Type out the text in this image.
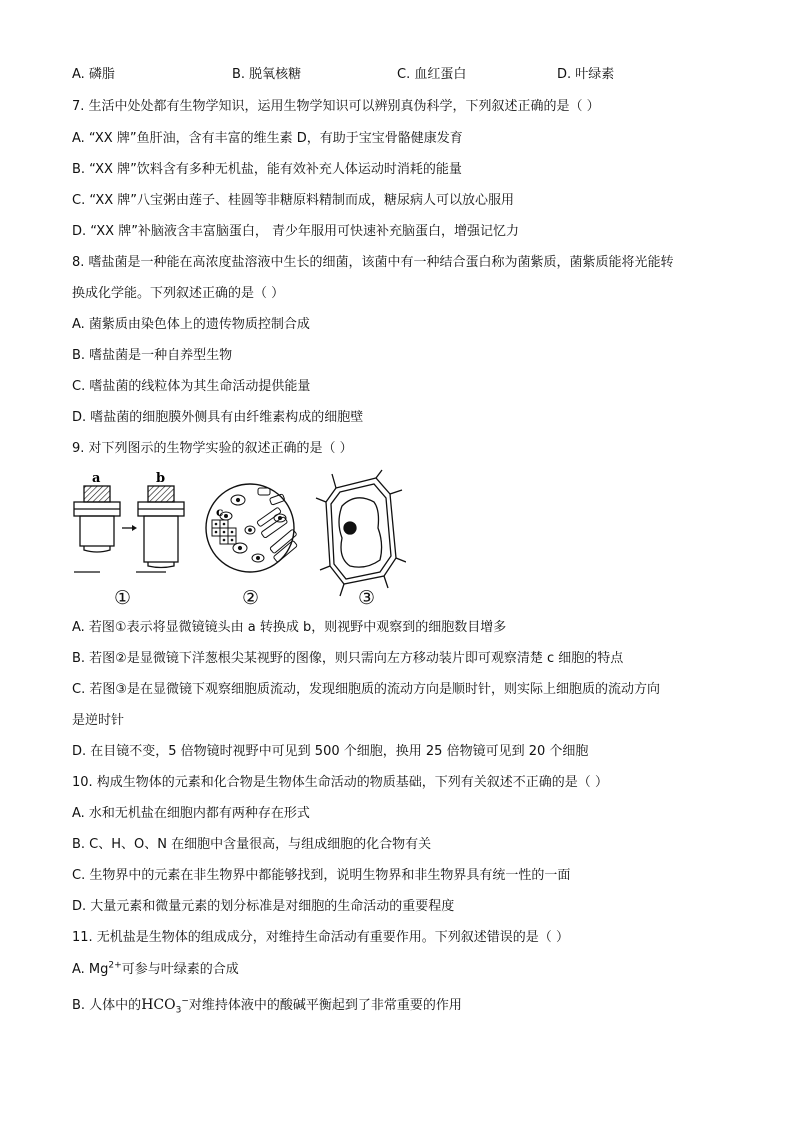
A. 磷脂	B. 脱氧核糖	C. 血红蛋白	D. 叶绿素
7. 生活中处处都有生物学知识，运用生物学知识可以辨别真伪科学，下列叙述正确的是（ ）
A. “XX 牌”鱼肝油，含有丰富的维生素 D，有助于宝宝骨骼健康发育
B. “XX 牌”饮料含有多种无机盐，能有效补充人体运动时消耗的能量
C. “XX 牌”八宝粥由莲子、桂圆等非糖原料精制而成，糖尿病人可以放心服用
D. “XX 牌”补脑液含丰富脑蛋白， 青少年服用可快速补充脑蛋白，增强记忆力
8. 嗜盐菌是一种能在高浓度盐溶液中生长的细菌，该菌中有一种结合蛋白称为菌紫质，菌紫质能将光能转
换成化学能。下列叙述正确的是（ ）
A. 菌紫质由染色体上的遗传物质控制合成
B. 嗜盐菌是一种自养型生物
C. 嗜盐菌的线粒体为其生命活动提供能量
D. 嗜盐菌的细胞膜外侧具有由纤维素构成的细胞壁
9. 对下列图示的生物学实验的叙述正确的是（ ）
a	b
c
①	②	③
A. 若图①表示将显微镜镜头由 a 转换成 b，则视野中观察到的细胞数目增多
B. 若图②是显微镜下洋葱根尖某视野的图像，则只需向左方移动装片即可观察清楚 c 细胞的特点
C. 若图③是在显微镜下观察细胞质流动，发现细胞质的流动方向是顺时针，则实际上细胞质的流动方向
是逆时针
D. 在目镜不变，5 倍物镜时视野中可见到 500 个细胞，换用 25 倍物镜可见到 20 个细胞
10. 构成生物体的元素和化合物是生物体生命活动的物质基础，下列有关叙述不正确的是（ ）
A. 水和无机盐在细胞内都有两种存在形式
B. C、H、O、N 在细胞中含量很高，与组成细胞的化合物有关
C. 生物界中的元素在非生物界中都能够找到，说明生物界和非生物界具有统一性的一面
D. 大量元素和微量元素的划分标准是对细胞的生命活动的重要程度
11. 无机盐是生物体的组成成分，对维持生命活动有重要作用。下列叙述错误的是（ ）
A. $Mg^{2+}$可参与叶绿素的合成
B. 人体中的$HCO_3^-$对维持体液中的酸碱平衡起到了非常重要的作用
